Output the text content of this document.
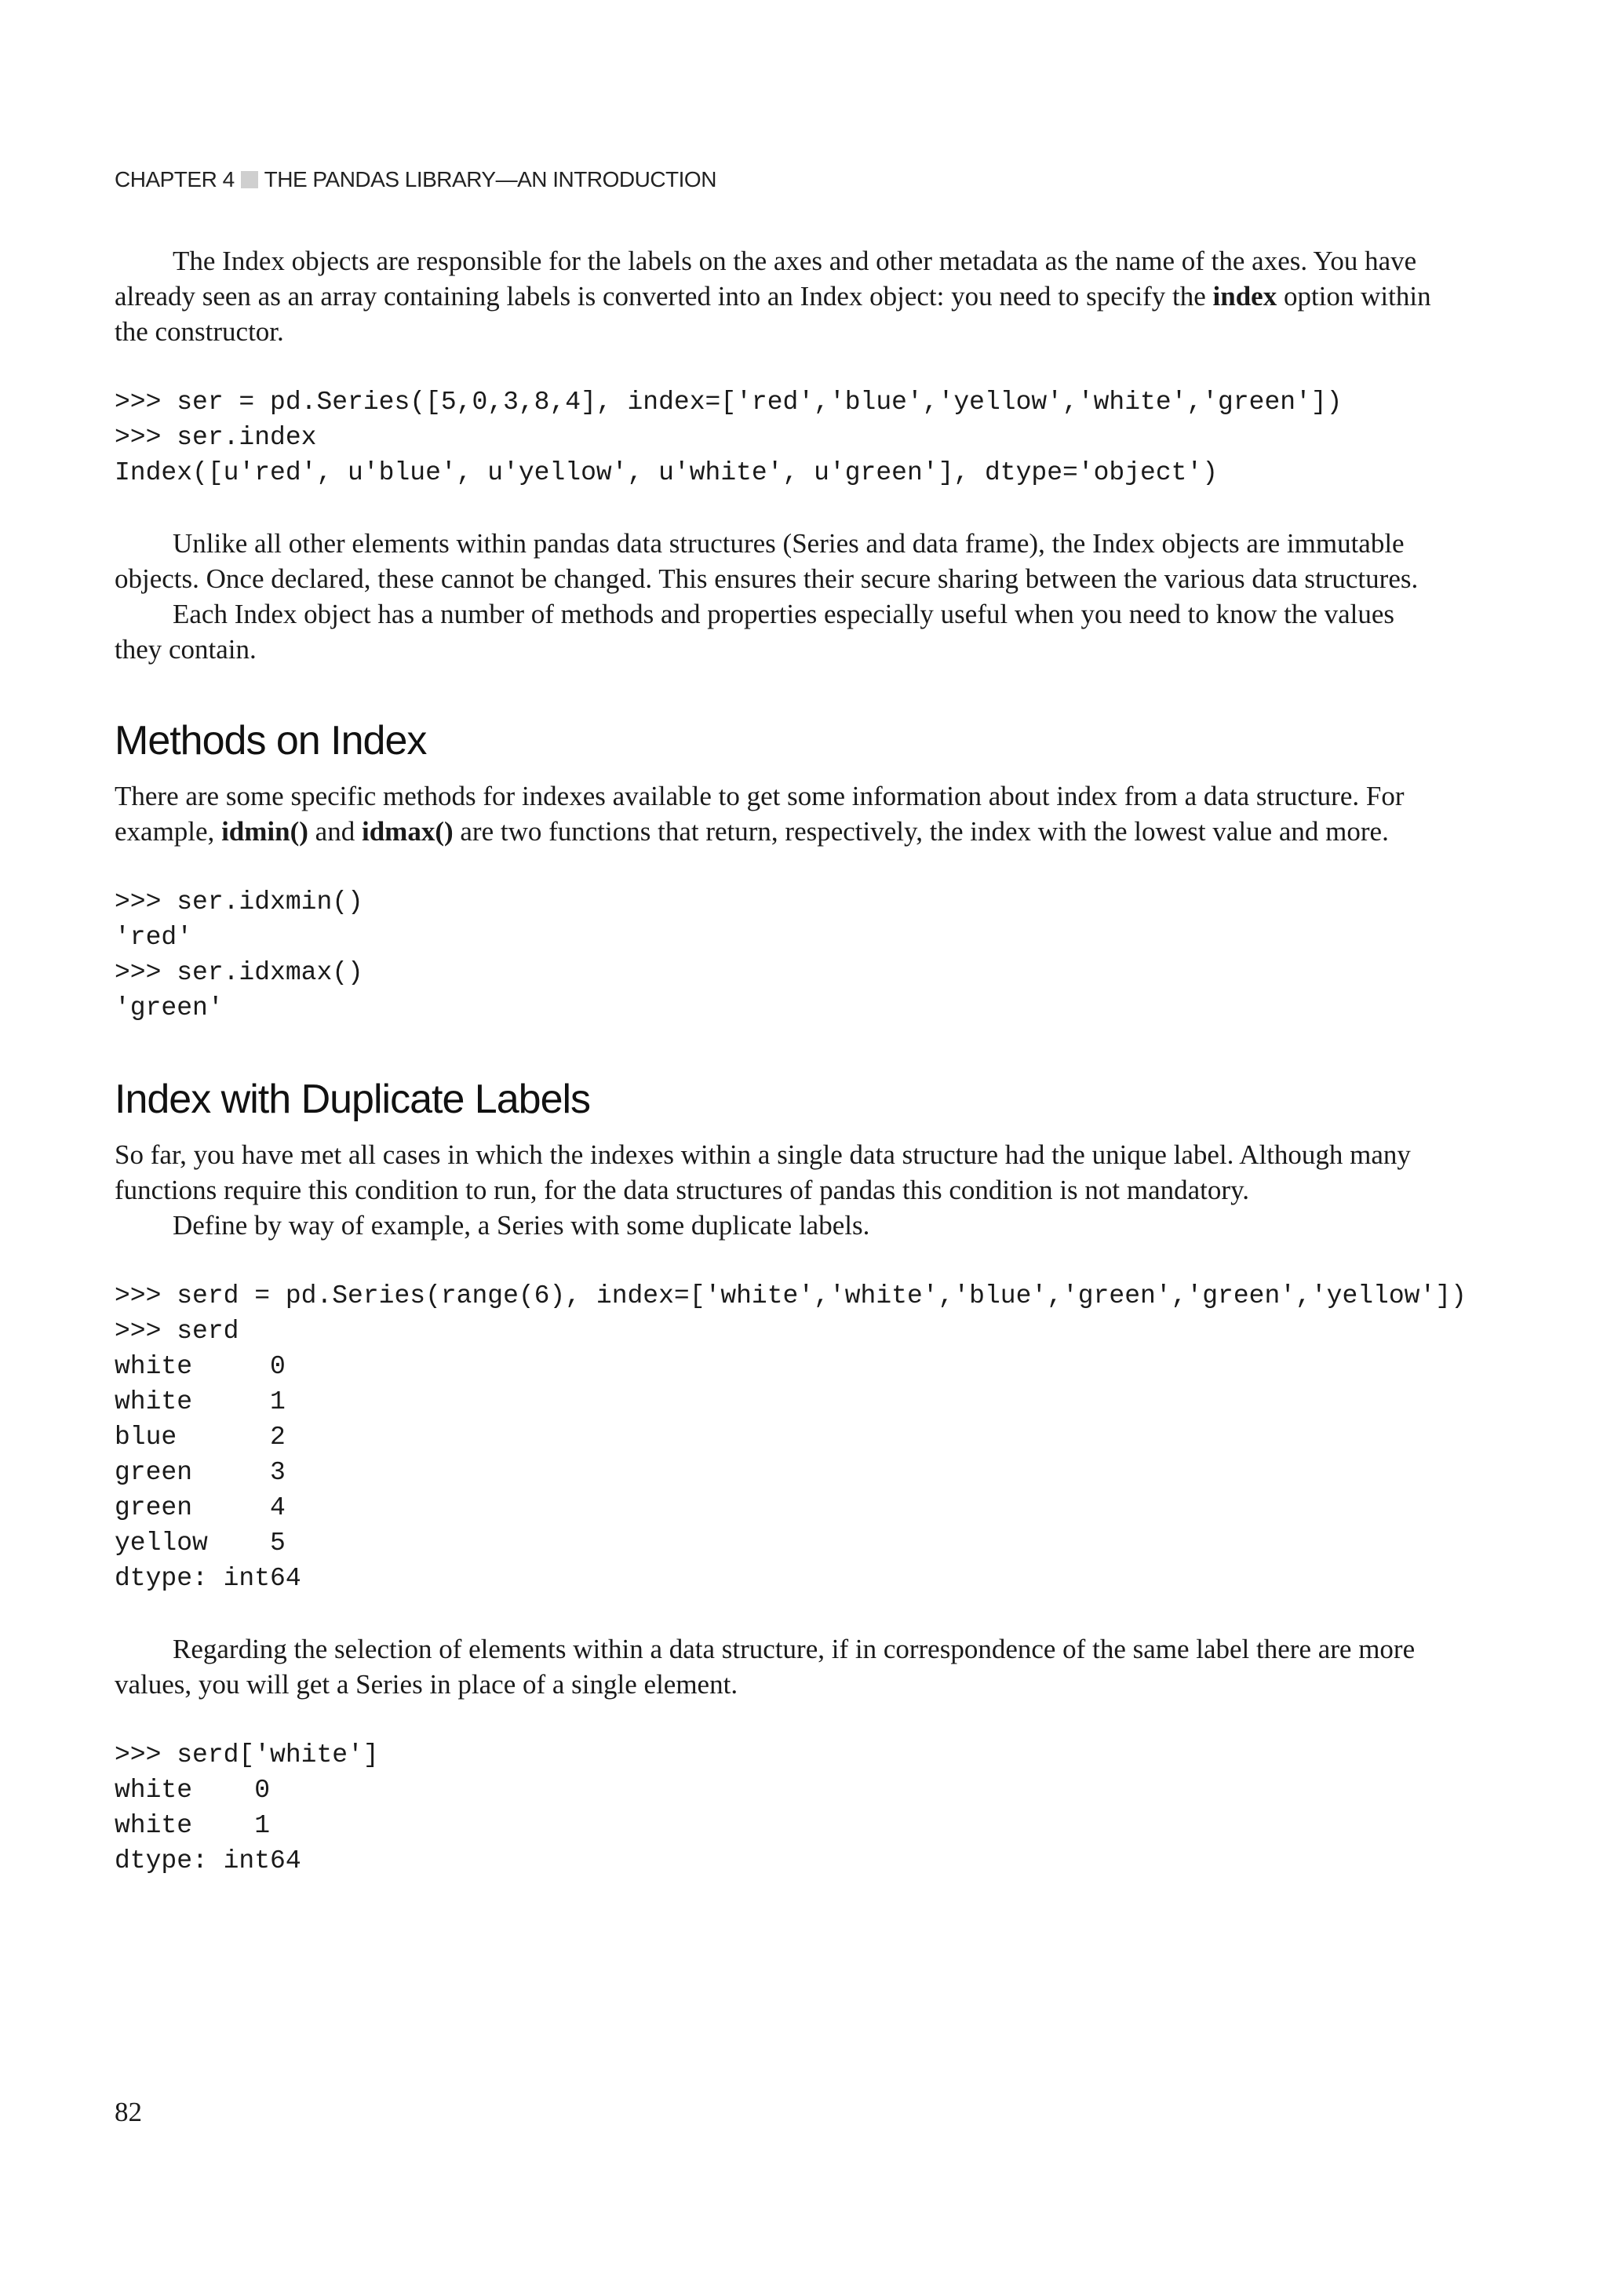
CHAPTER 4 THE PANDAS LIBRARY—AN INTRODUCTION

The Index objects are responsible for the labels on the axes and other metadata as the name of the axes. You have already seen as an array containing labels is converted into an Index object: you need to specify the index option within the constructor.

>>> ser = pd.Series([5,0,3,8,4], index=['red','blue','yellow','white','green'])
>>> ser.index
Index([u'red', u'blue', u'yellow', u'white', u'green'], dtype='object')

Unlike all other elements within pandas data structures (Series and data frame), the Index objects are immutable objects. Once declared, these cannot be changed. This ensures their secure sharing between the various data structures.

Each Index object has a number of methods and properties especially useful when you need to know the values they contain.

Methods on Index

There are some specific methods for indexes available to get some information about index from a data structure. For example, idmin() and idmax() are two functions that return, respectively, the index with the lowest value and more.

>>> ser.idxmin()
'red'
>>> ser.idxmax()
'green'
Index with Duplicate Labels

So far, you have met all cases in which the indexes within a single data structure had the unique label. Although many functions require this condition to run, for the data structures of pandas this condition is not mandatory.

Define by way of example, a Series with some duplicate labels.

>>> serd = pd.Series(range(6), index=['white','white','blue','green','green','yellow'])
>>> serd
white     0
white     1
blue      2
green     3
green     4
yellow    5
dtype: int64

Regarding the selection of elements within a data structure, if in correspondence of the same label there are more values, you will get a Series in place of a single element.

>>> serd['white']
white    0
white    1
dtype: int64
82
